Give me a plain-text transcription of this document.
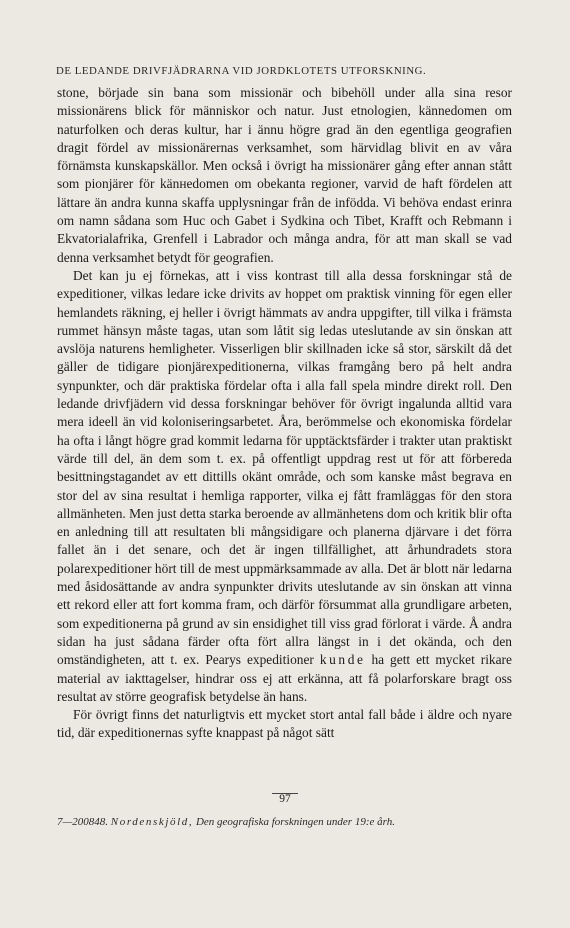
DE LEDANDE DRIVFJÄDRARNA VID JORDKLOTETS UTFORSKNING.

stone, började sin bana som missionär och bibehöll under alla sina resor missionärens blick för människor och natur. Just etnologien, kännedomen om naturfolken och deras kultur, har i ännu högre grad än den egentliga geografien dragit fördel av missionärernas verksamhet, som härvidlag blivit en av våra förnämsta kunskapskällor. Men också i övrigt ha missionärer gång efter annan stått som pionjärer för känнedomen om obekanta regioner, varvid de haft fördelen att lättare än andra kunna skaffa upplysningar från de infödda. Vi behöva endast erinra om namn sådana som Huc och Gabet i Sydkina och Tibet, Krafft och Rebmann i Ekvatorialafrika, Grenfell i Labrador och många andra, för att man skall se vad denna verksamhet betydt för geografien.

Det kan ju ej förnekas, att i viss kontrast till alla dessa forskningar stå de expeditioner, vilkas ledare icke drivits av hoppet om praktisk vinning för egen eller hemlandets räkning, ej heller i övrigt hämmats av andra uppgifter, till vilka i främsta rummet hänsyn måste tagas, utan som låtit sig ledas uteslutande av sin önskan att avslöja naturens hemligheter. Visserligen blir skillnaden icke så stor, särskilt då det gäller de tidigare pionjärexpeditionerna, vilkas framgång bero på helt andra synpunkter, och där praktiska fördelar ofta i alla fall spela mindre direkt roll. Den ledande drivfjädern vid dessa forskningar behöver för övrigt ingalunda alltid vara mera ideell än vid koloniseringsarbetet. Åra, berömmelse och ekonomiska fördelar ha ofta i långt högre grad kommit ledarna för upptäcktsfärder i trakter utan praktiskt värde till del, än dem som t. ex. på offentligt uppdrag rest ut för att förbereda besittningstagandet av ett dittills okänt område, och som kanske måst begrava en stor del av sina resultat i hemliga rapporter, vilka ej fått framläggas för den stora allmänheten. Men just detta starka beroende av allmänhetens dom och kritik blir ofta en anledning till att resultaten bli mångsidigare och planerna djärvare i det förra fallet än i det senare, och det är ingen tillfällighet, att århundradets stora polarexpeditioner hört till de mest uppmärksammade av alla. Det är blott när ledarna med åsidosättande av andra synpunkter drivits uteslutande av sin önskan att vinna ett rekord eller att fort komma fram, och därför försummat alla grundligare arbeten, som expeditionerna på grund av sin ensidighet till viss grad förlorat i värde. Å andra sidan ha just sådana färder ofta fört allra längst in i det okända, och den omständigheten, att t. ex. Pearys expeditioner kunde ha gett ett mycket rikare material av iakttagelser, hindrar oss ej att erkänna, att få polarforskare bragt oss resultat av större geografisk betydelse än hans.

För övrigt finns det naturligtvis ett mycket stort antal fall både i äldre och nyare tid, där expeditionernas syfte knappast på något sätt

97
7—200848. Nordenskjöld, Den geografiska forskningen under 19:e årh.
